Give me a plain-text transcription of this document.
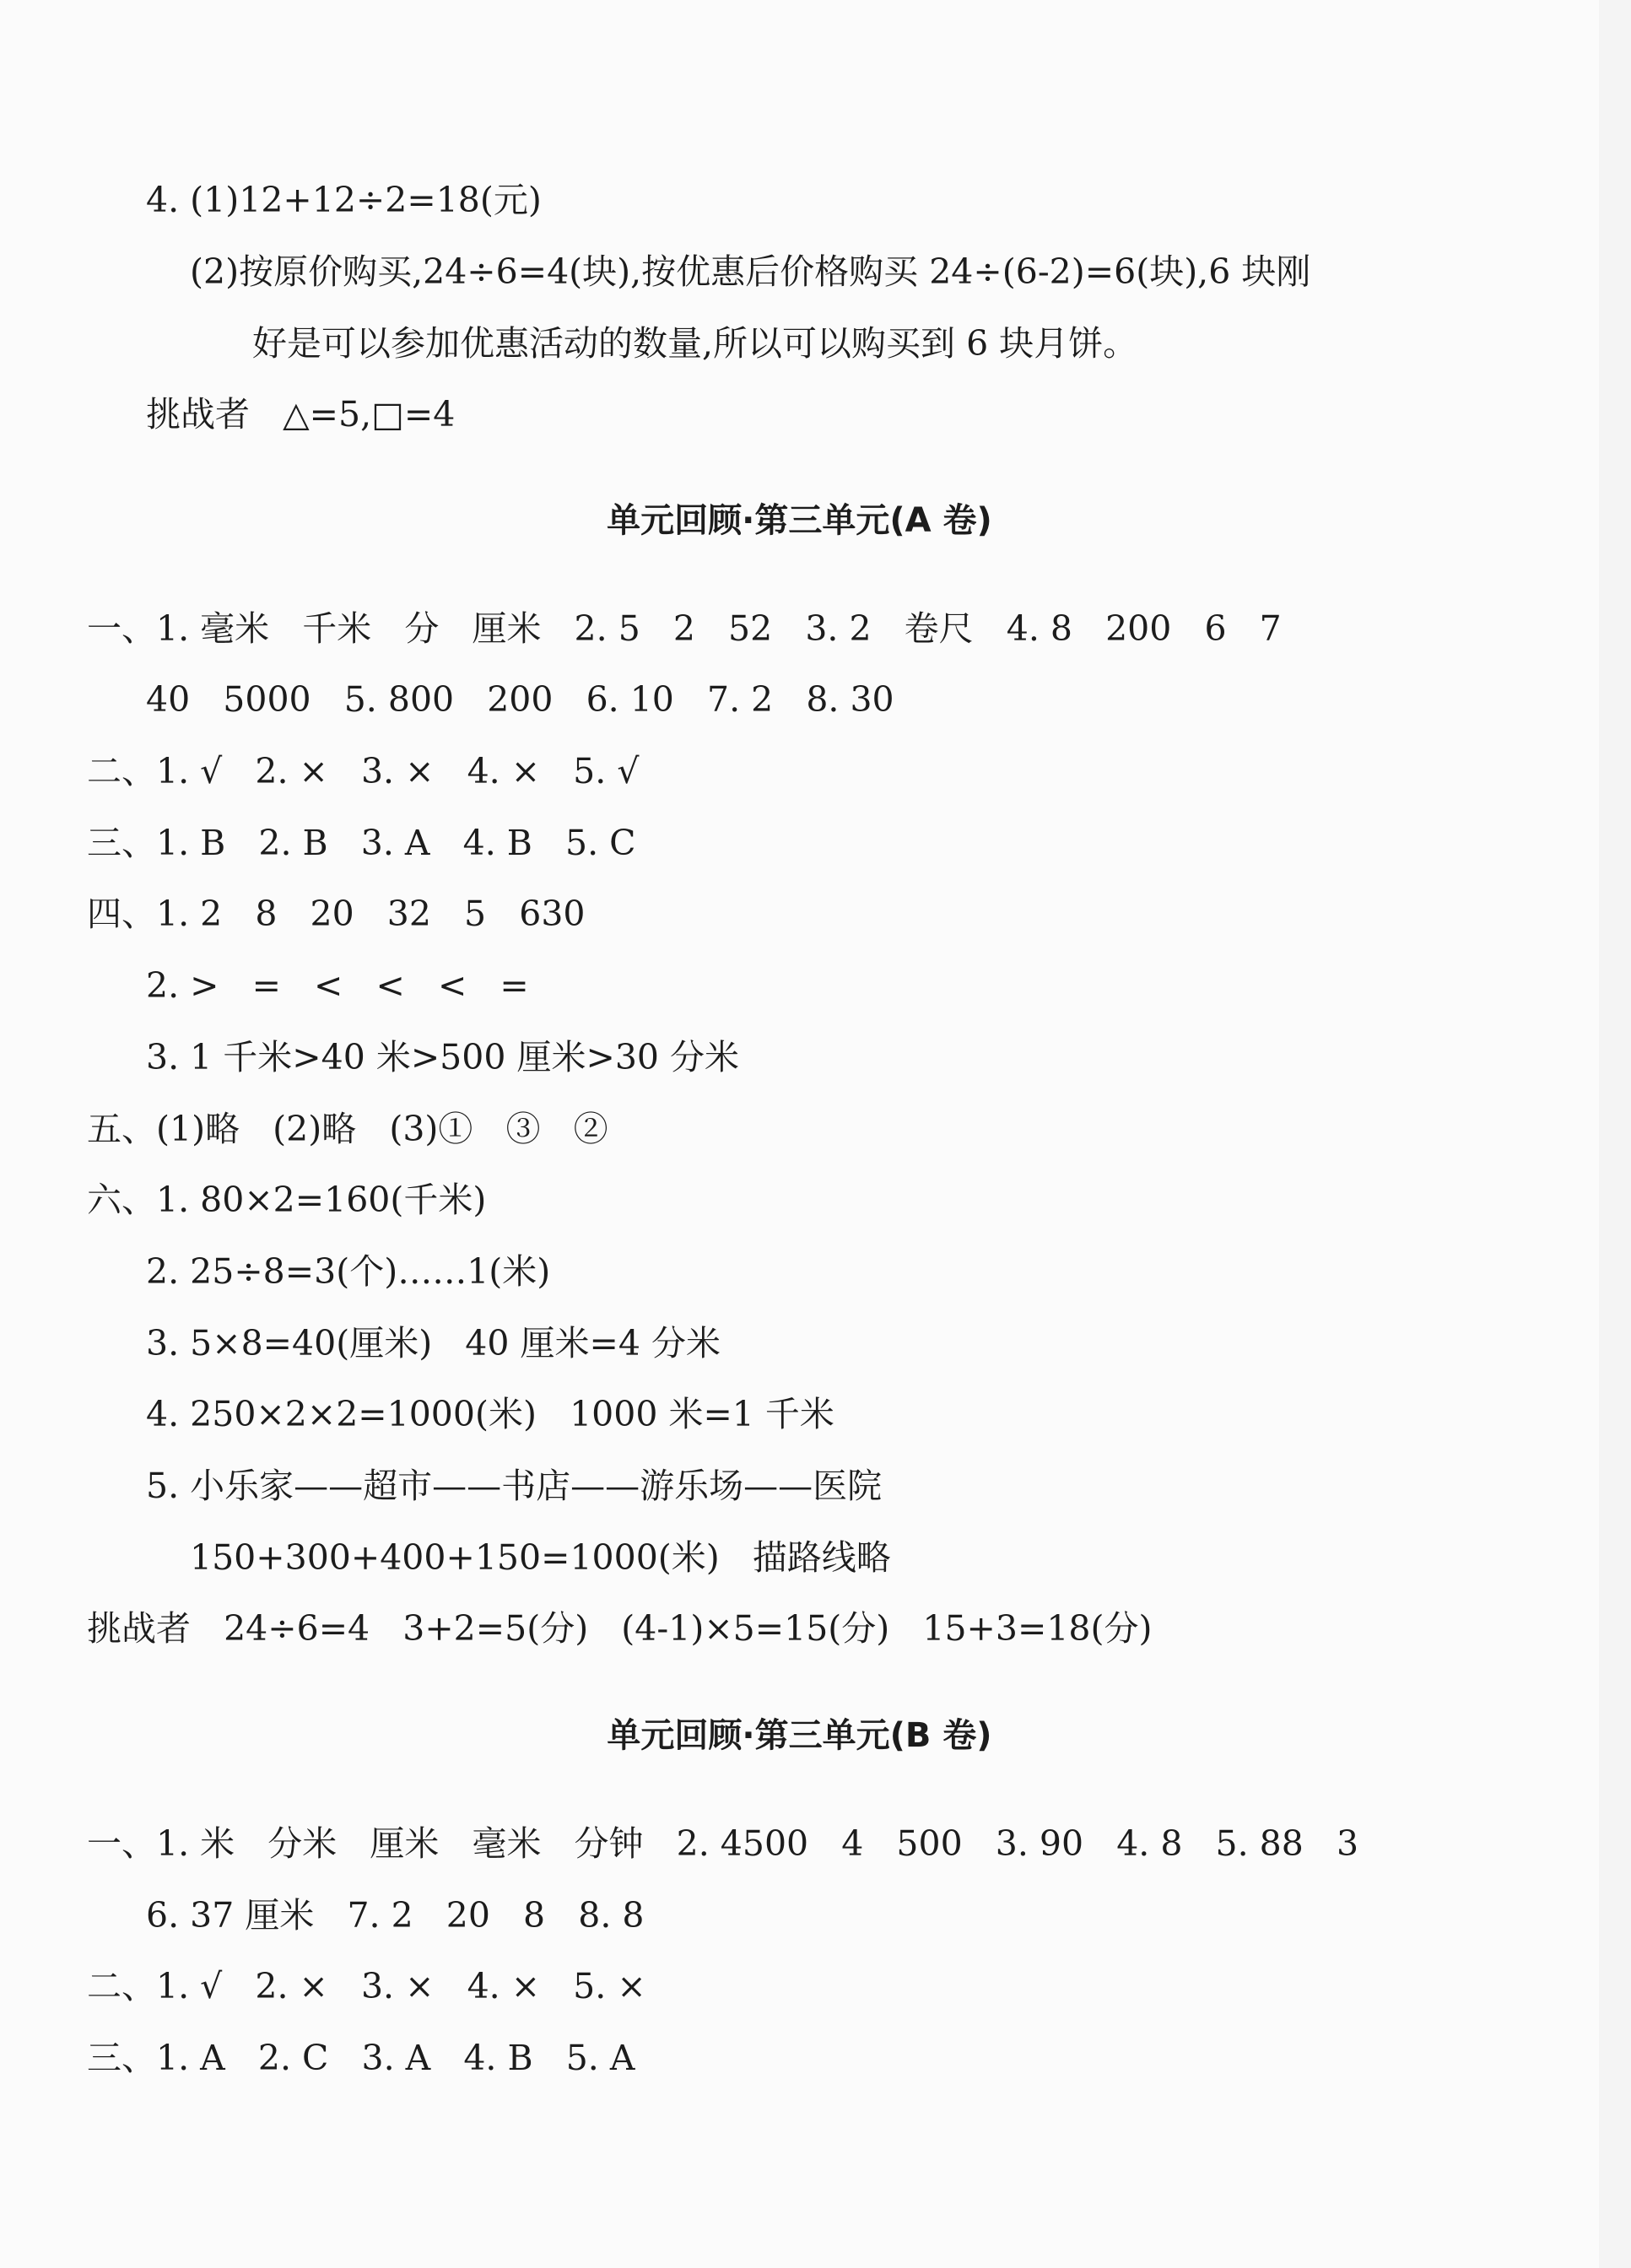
4. (1)12+12÷2=18(元)
(2)按原价购买,24÷6=4(块),按优惠后价格购买 24÷(6-2)=6(块),6 块刚
好是可以参加优惠活动的数量,所以可以购买到 6 块月饼。
挑战者   △=5,□=4
单元回顾·第三单元(A 卷)
一、1. 毫米   千米   分   厘米   2. 5   2   52   3. 2   卷尺   4. 8   200   6   7
40   5000   5. 800   200   6. 10   7. 2   8. 30
二、1. √   2. ×   3. ×   4. ×   5. √
三、1. B   2. B   3. A   4. B   5. C
四、1. 2   8   20   32   5   630
2. >   =   <   <   <   =
3. 1 千米>40 米>500 厘米>30 分米
五、(1)略   (2)略   (3)①   ③   ②
六、1. 80×2=160(千米)
2. 25÷8=3(个)……1(米)
3. 5×8=40(厘米)   40 厘米=4 分米
4. 250×2×2=1000(米)   1000 米=1 千米
5. 小乐家——超市——书店——游乐场——医院
150+300+400+150=1000(米)   描路线略
挑战者   24÷6=4   3+2=5(分)   (4-1)×5=15(分)   15+3=18(分)
单元回顾·第三单元(B 卷)
一、1. 米   分米   厘米   毫米   分钟   2. 4500   4   500   3. 90   4. 8   5. 88   3
6. 37 厘米   7. 2   20   8   8. 8
二、1. √   2. ×   3. ×   4. ×   5. ×
三、1. A   2. C   3. A   4. B   5. A
